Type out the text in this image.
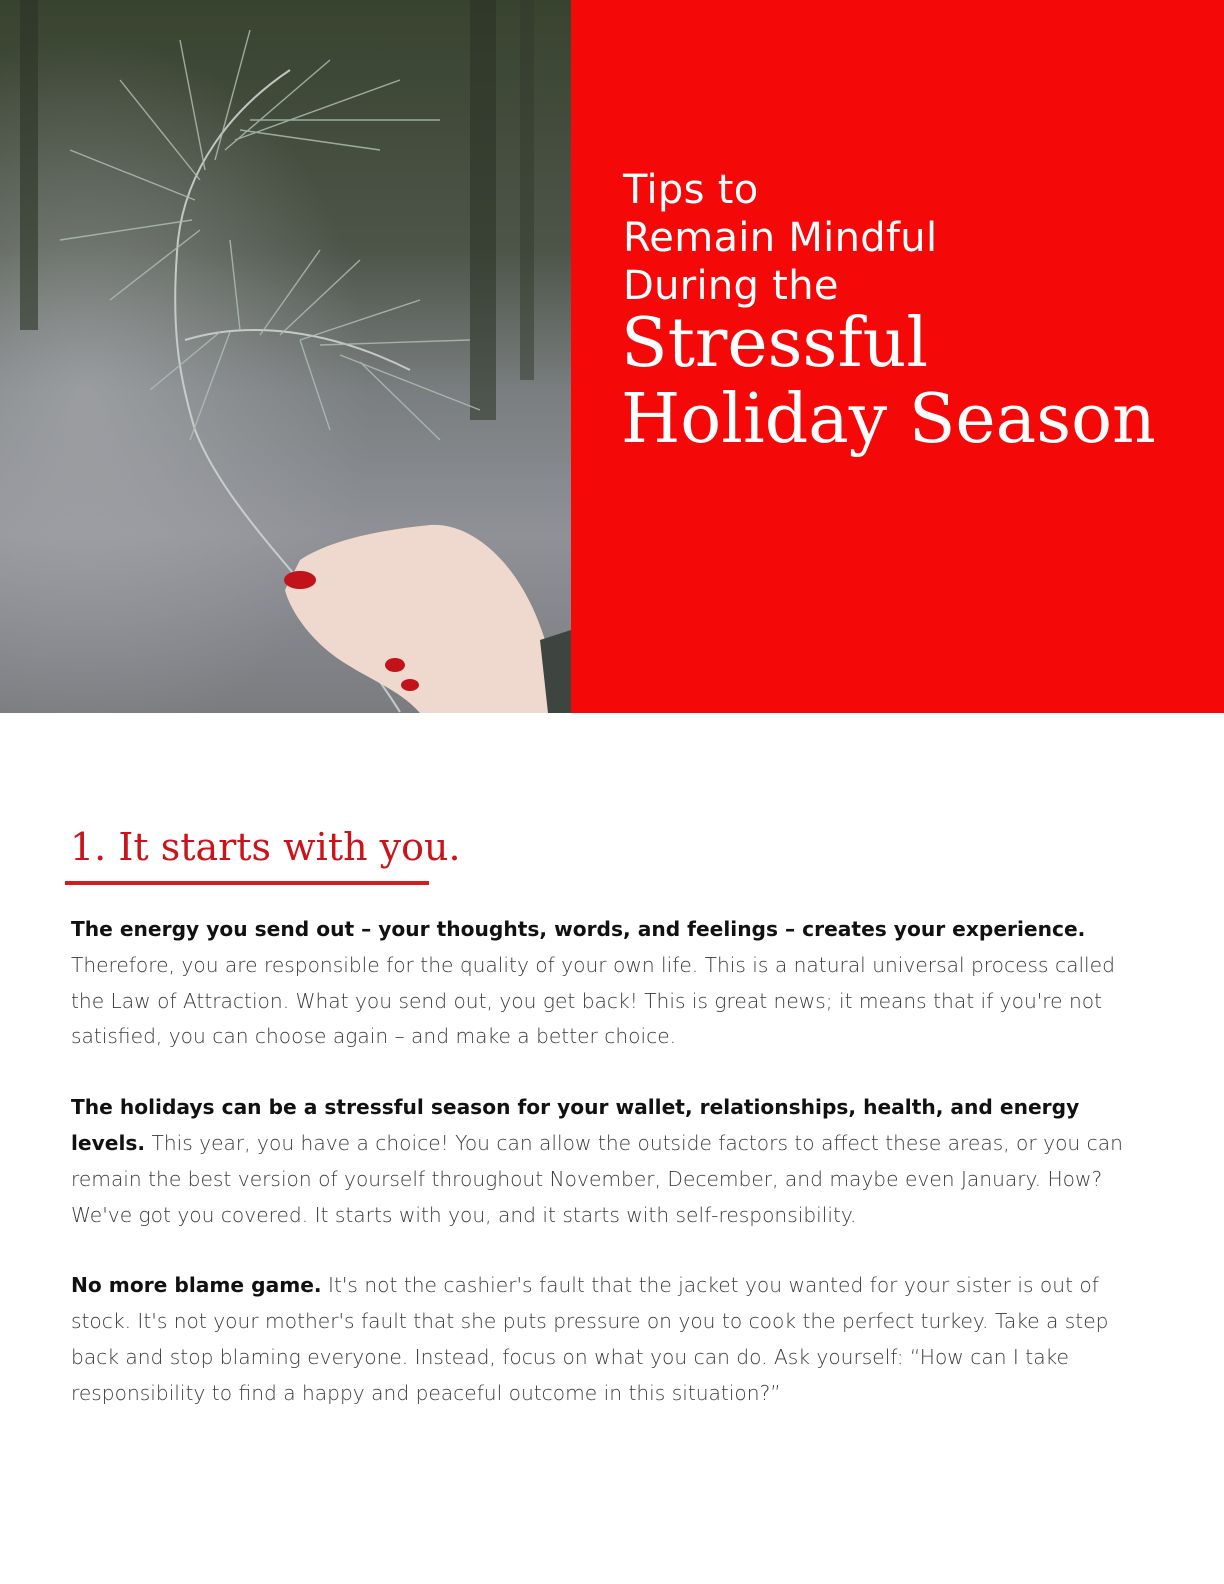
Tips to
Remain Mindful
During the
Stressful
Holiday Season
1. It starts with you.

The energy you send out – your thoughts, words, and feelings – creates your experience. Therefore, you are responsible for the quality of your own life. This is a natural universal process called the Law of Attraction. What you send out, you get back! This is great news; it means that if you're not satisfied, you can choose again – and make a better choice.

The holidays can be a stressful season for your wallet, relationships, health, and energy levels. This year, you have a choice! You can allow the outside factors to affect these areas, or you can remain the best version of yourself throughout November, December, and maybe even January. How? We've got you covered. It starts with you, and it starts with self-responsibility.

No more blame game. It's not the cashier's fault that the jacket you wanted for your sister is out of stock. It's not your mother's fault that she puts pressure on you to cook the perfect turkey. Take a step back and stop blaming everyone. Instead, focus on what you can do. Ask yourself: “How can I take responsibility to find a happy and peaceful outcome in this situation?”
